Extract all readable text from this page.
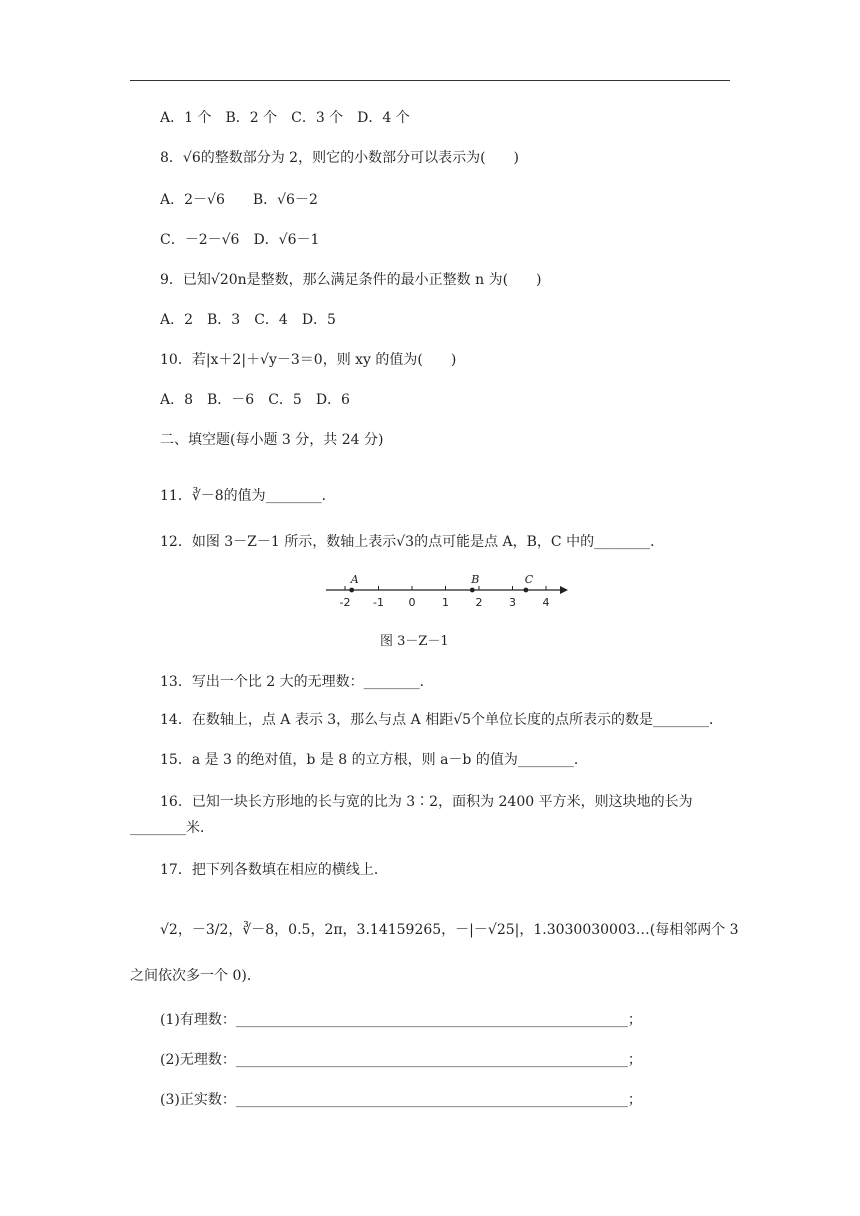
A．1 个　B．2 个　C．3 个　D．4 个
8．√6的整数部分为 2，则它的小数部分可以表示为(　　)
A．2－√6　　B．√6－2
C．－2－√6　D．√6－1
9．已知√20n是整数，那么满足条件的最小正整数 n 为(　　)
A．2　B．3　C．4　D．5
10．若|x＋2|＋√y－3＝0，则 xy 的值为(　　)
A．8　B．－6　C．5　D．6
二、填空题(每小题 3 分，共 24 分)
11．∛－8的值为________．
12．如图 3－Z－1 所示，数轴上表示√3的点可能是点 A，B，C 中的________．
-2 -1 0 1 2 3 4
A	B	C
图 3－Z－1
13．写出一个比 2 大的无理数：________．
14．在数轴上，点 A 表示 3，那么与点 A 相距√5个单位长度的点所表示的数是________．
15．a 是 3 的绝对值，b 是 8 的立方根，则 a－b 的值为________．
16．已知一块长方形地的长与宽的比为 3∶2，面积为 2400 平方米，则这块地的长为
________米．
17．把下列各数填在相应的横线上．
√2，－3/2，∛－8，0.5，2π，3.14159265，－|－√25|，1.3030030003…(每相邻两个 3
之间依次多一个 0)．
(1)有理数：________________________________________________________；
(2)无理数：________________________________________________________；
(3)正实数：________________________________________________________；
